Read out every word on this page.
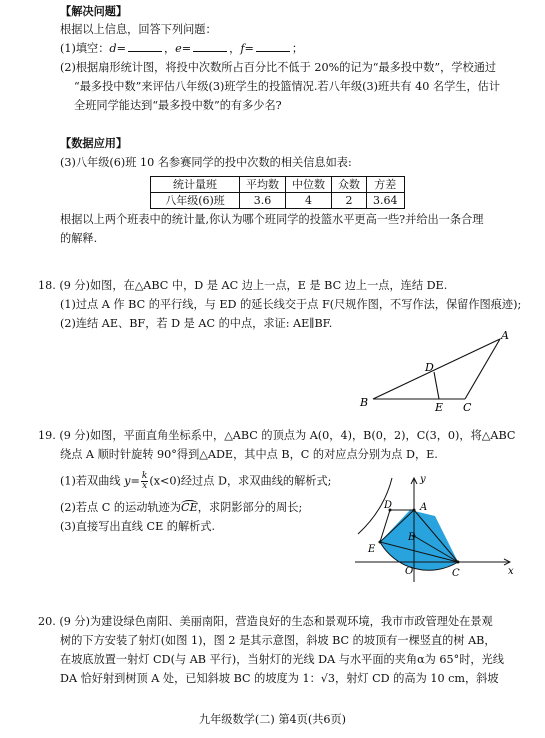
【解决问题】
根据以上信息，回答下列问题：
(1)填空：d=	，e=	，f=	；
(2)根据扇形统计图，将投中次数所占百分比不低于 20%的记为“最多投中数”，学校通过
“最多投中数”来评估八年级(3)班学生的投篮情况.若八年级(3)班共有 40 名学生，估计
全班同学能达到“最多投中数”的有多少名?
【数据应用】
(3)八年级(6)班 10 名参赛同学的投中次数的相关信息如表:
统计量班	平均数	中位数	众数	方差
八年级(6)班	3.6	4	2	3.64
根据以上两个班表中的统计量,你认为哪个班同学的投篮水平更高一些?并给出一条合理
的解释.
18. (9 分)如图，在△ABC 中，D 是 AC 边上一点，E 是 BC 边上一点，连结 DE.
(1)过点 A 作 BC 的平行线，与 ED 的延长线交于点 F(尺规作图，不写作法，保留作图痕迹);
(2)连结 AE、BF，若 D 是 AC 的中点，求证: AE∥BF.
A
B	C
D
E
19. (9 分)如图，平面直角坐标系中，△ABC 的顶点为 A(0，4)，B(0，2)，C(3，0)，将△ABC
绕点 A 顺时针旋转 90°得到△ADE，其中点 B，C 的对应点分别为点 D，E.
(1)若双曲线 $y= \frac{k}{x} (x<0)$经过点 D，求双曲线的解析式;
(2)若点 C 的运动轨迹为CE，求阴影部分的周长;
(3)直接写出直线 CE 的解析式.
y
x
A
B
C
D
E
O
20. (9 分)为建设绿色南阳、美丽南阳，营造良好的生态和景观环境，我市市政管理处在景观
树的下方安装了射灯(如图 1)，图 2 是其示意图，斜坡 BC 的坡顶有一棵竖直的树 AB，
在坡底放置一射灯 CD(与 AB 平行)，当射灯的光线 DA 与水平面的夹角α为 65°时，光线
DA 恰好射到树顶 A 处，已知斜坡 BC 的坡度为 1：√3，射灯 CD 的高为 10 cm，斜坡
九年级数学(二) 第4页(共6页)
